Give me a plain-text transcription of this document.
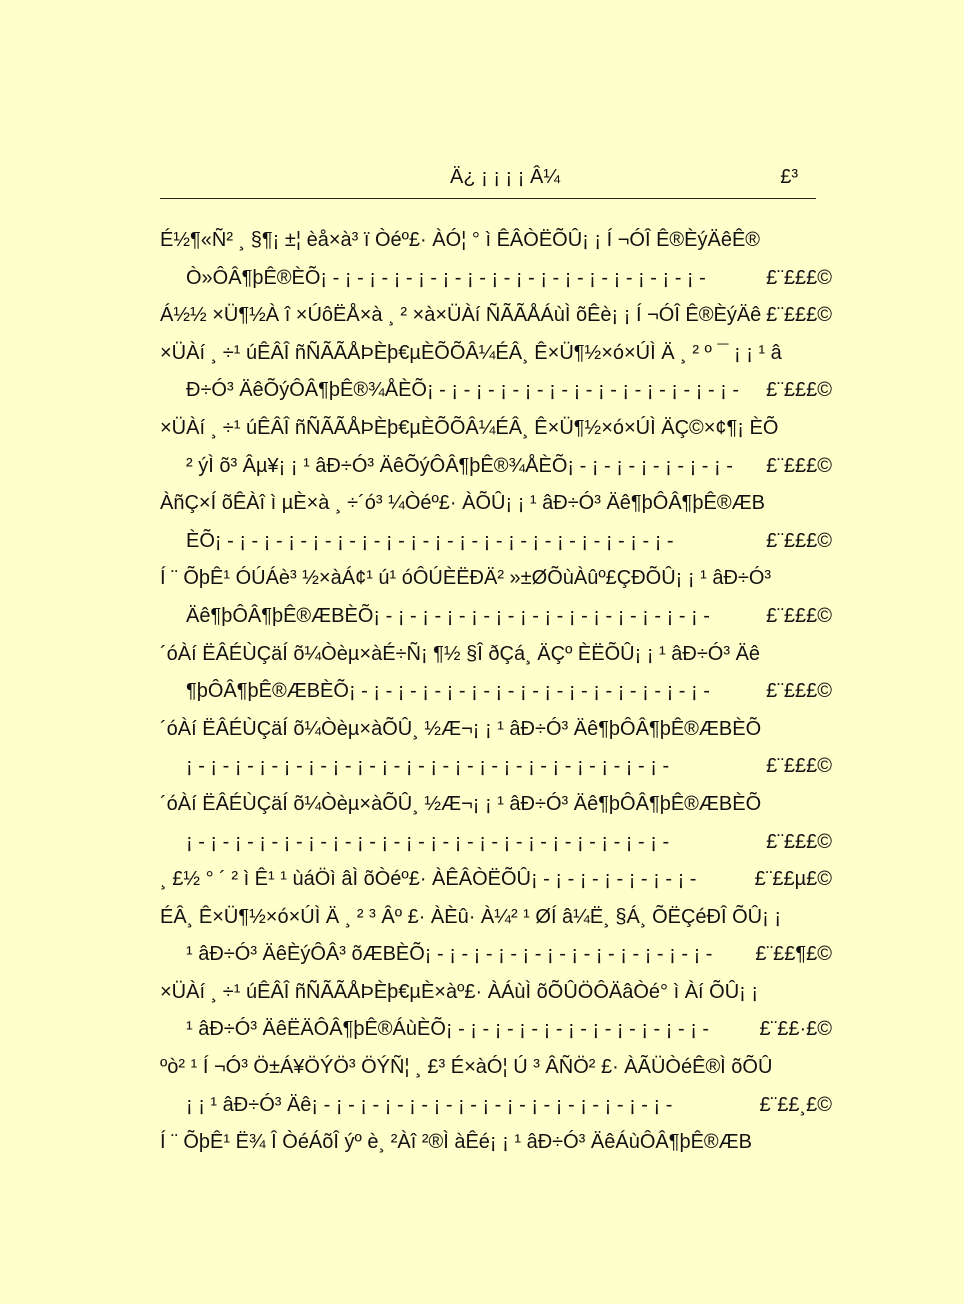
Ä¿ ¡ ¡ ¡ ¡ Â¼	£³
É½¶«Ñ² ¸ §¶¡ ±¦ èå×à³ ï Òéº£· ÀÓ¦ ° ì ÊÂÒËÕÛ¡ ¡ Í ¬ÓÎ Ê®ÈýÄêÊ®
Ò»ÔÂ¶þÊ®ÈÕ¡ - ¡ - ¡ - ¡ - ¡ - ¡ - ¡ - ¡ - ¡ - ¡ - ¡ - ¡ - ¡ - ¡ - ¡ - ¡ -	£¨£££©
Á½½ ×Ü¶½À î ×ÚôËÅ×à ¸ ² ×à×ÜÀí ÑÃÃÅÁùÌ õÊè¡ ¡ Í ¬ÓÎ Ê®ÈýÄê £¨£££©
×ÜÀí ¸ ÷¹ úÊÂÎ ñÑÃÃÅÞÈþ€µÈÕÕÂ¼ÉÂ¸ Ê×Ü¶½×ó×ÚÌ Ä ¸ ² º ¯ ¡ ¡ ¹ â
Ð÷Ó³ ÄêÕýÔÂ¶þÊ®¾ÅÈÕ¡ - ¡ - ¡ - ¡ - ¡ - ¡ - ¡ - ¡ - ¡ - ¡ - ¡ - ¡ - ¡ - £¨£££©
×ÜÀí ¸ ÷¹ úÊÂÎ ñÑÃÃÅÞÈþ€µÈÕÕÂ¼ÉÂ¸ Ê×Ü¶½×ó×ÚÌ ÄÇ©×¢¶¡ ÈÕ
² ýÌ õ³ Âµ¥¡ ¡ ¹ âÐ÷Ó³ ÄêÕýÔÂ¶þÊ®¾ÅÈÕ¡ - ¡ - ¡ - ¡ - ¡ - ¡ - ¡ - £¨£££©
ÀñÇ×Í õÊÀî ì µÈ×à ¸ ÷´ó³ ¼Òéº£· ÀÕÛ¡ ¡ ¹ âÐ÷Ó³ Äê¶þÔÂ¶þÊ®ÆB
ÈÕ¡ - ¡ - ¡ - ¡ - ¡ - ¡ - ¡ - ¡ - ¡ - ¡ - ¡ - ¡ - ¡ - ¡ - ¡ - ¡ - ¡ - ¡ - ¡ -	£¨£££©
Í ¨ ÕþÊ¹ ÓÚÁè³ ½×àÁ¢¹ ú¹ óÔÚÈËÐÄ² »±ØÕùÀûº£ÇÐÕÛ¡ ¡ ¹ âÐ÷Ó³
Äê¶þÔÂ¶þÊ®ÆBÈÕ¡ - ¡ - ¡ - ¡ - ¡ - ¡ - ¡ - ¡ - ¡ - ¡ - ¡ - ¡ - ¡ - ¡ -	£¨£££©
´óÀí ËÂÉÙÇäÍ õ¼Òèµ×àÉ÷Ñ¡ ¶½ §Î ðÇá¸ ÄÇº ÈËÕÛ¡ ¡ ¹ âÐ÷Ó³ Äê
¶þÔÂ¶þÊ®ÆBÈÕ¡ - ¡ - ¡ - ¡ - ¡ - ¡ - ¡ - ¡ - ¡ - ¡ - ¡ - ¡ - ¡ - ¡ - ¡ -	£¨£££©
´óÀí ËÂÉÙÇäÍ õ¼Òèµ×àÕÛ¸ ½Æ¬¡ ¡ ¹ âÐ÷Ó³ Äê¶þÔÂ¶þÊ®ÆBÈÕ
¡ - ¡ - ¡ - ¡ - ¡ - ¡ - ¡ - ¡ - ¡ - ¡ - ¡ - ¡ - ¡ - ¡ - ¡ - ¡ - ¡ - ¡ - ¡ - ¡ -	£¨£££©
´óÀí ËÂÉÙÇäÍ õ¼Òèµ×àÕÛ¸ ½Æ¬¡ ¡ ¹ âÐ÷Ó³ Äê¶þÔÂ¶þÊ®ÆBÈÕ
¡ - ¡ - ¡ - ¡ - ¡ - ¡ - ¡ - ¡ - ¡ - ¡ - ¡ - ¡ - ¡ - ¡ - ¡ - ¡ - ¡ - ¡ - ¡ - ¡ -	£¨£££©
¸ £½ ° ´ ² ì Ê¹ ¹ ùáÖì âÌ õÒéº£· ÀÊÂÒËÕÛ¡ - ¡ - ¡ - ¡ - ¡ - ¡ - ¡ -	£¨££µ£©
ÉÂ¸ Ê×Ü¶½×ó×ÚÌ Ä ¸ ² ³ Âº £· ÀÈû· À¼² ¹ ØÍ â¼Ë¸ §Á¸ ÕËÇéÐÎ ÕÛ¡ ¡
¹ âÐ÷Ó³ ÄêÈýÔÂ³ õÆBÈÕ¡ - ¡ - ¡ - ¡ - ¡ - ¡ - ¡ - ¡ - ¡ - ¡ - ¡ - ¡ - £¨££¶£©
×ÜÀí ¸ ÷¹ úÊÂÎ ñÑÃÃÅÞÈþ€µÈ×àº£· ÀÁùÌ õÕÛÖÔÄâÒé° ì Àí ÕÛ¡ ¡
¹ âÐ÷Ó³ ÄêËÄÔÂ¶þÊ®ÁùÈÕ¡ - ¡ - ¡ - ¡ - ¡ - ¡ - ¡ - ¡ - ¡ - ¡ - ¡ -	£¨££·£©
ºò² ¹ Í ¬Ó³ Ö±Á¥ÖÝÖ³ ÖÝÑ¦ ¸ £³ É×àÓ¦ Ú ³ ÂÑÖ² £· ÀÃÜÒéÊ®Ì õÕÛ
¡ ¡ ¹ âÐ÷Ó³ Äê¡ - ¡ - ¡ - ¡ - ¡ - ¡ - ¡ - ¡ - ¡ - ¡ - ¡ - ¡ - ¡ - ¡ - ¡ -	£¨££¸£©
Í ¨ ÕþÊ¹ Ë¾ Î ÒéÁõÎ ýº è¸ ²Àî ²®Ì àÊé¡ ¡ ¹ âÐ÷Ó³ ÄêÁùÔÂ¶þÊ®ÆB
